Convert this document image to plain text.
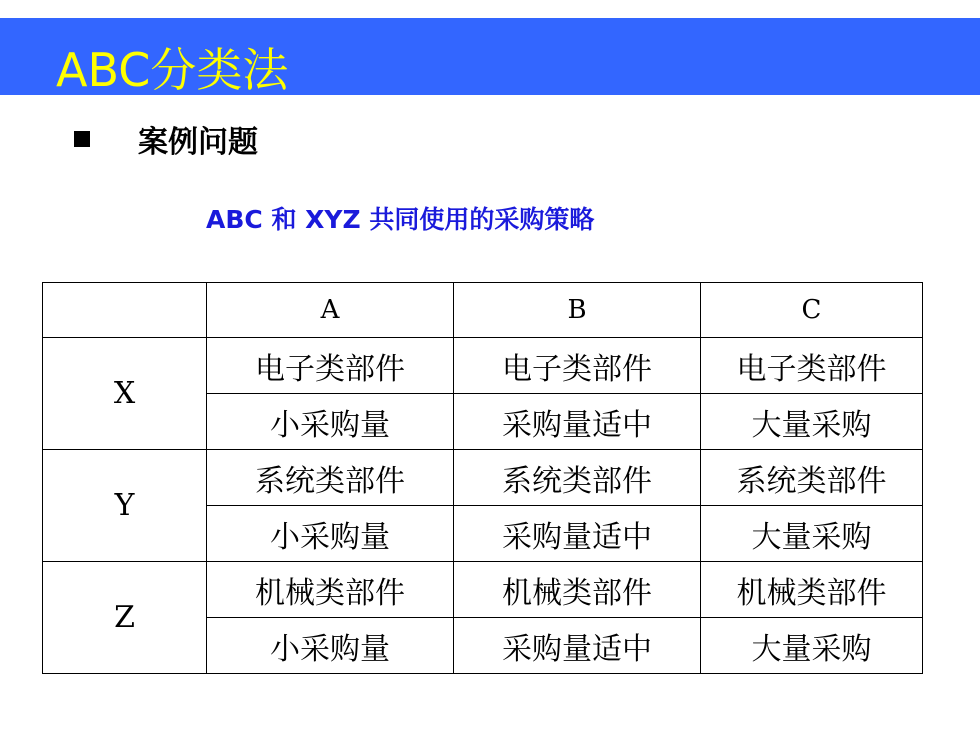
ABC分类法
案例问题
ABC 和 XYZ 共同使用的采购策略
	A	B	C
X	电子类部件	电子类部件	电子类部件
	小采购量	采购量适中	大量采购
Y	系统类部件	系统类部件	系统类部件
	小采购量	采购量适中	大量采购
Z	机械类部件	机械类部件	机械类部件
	小采购量	采购量适中	大量采购
